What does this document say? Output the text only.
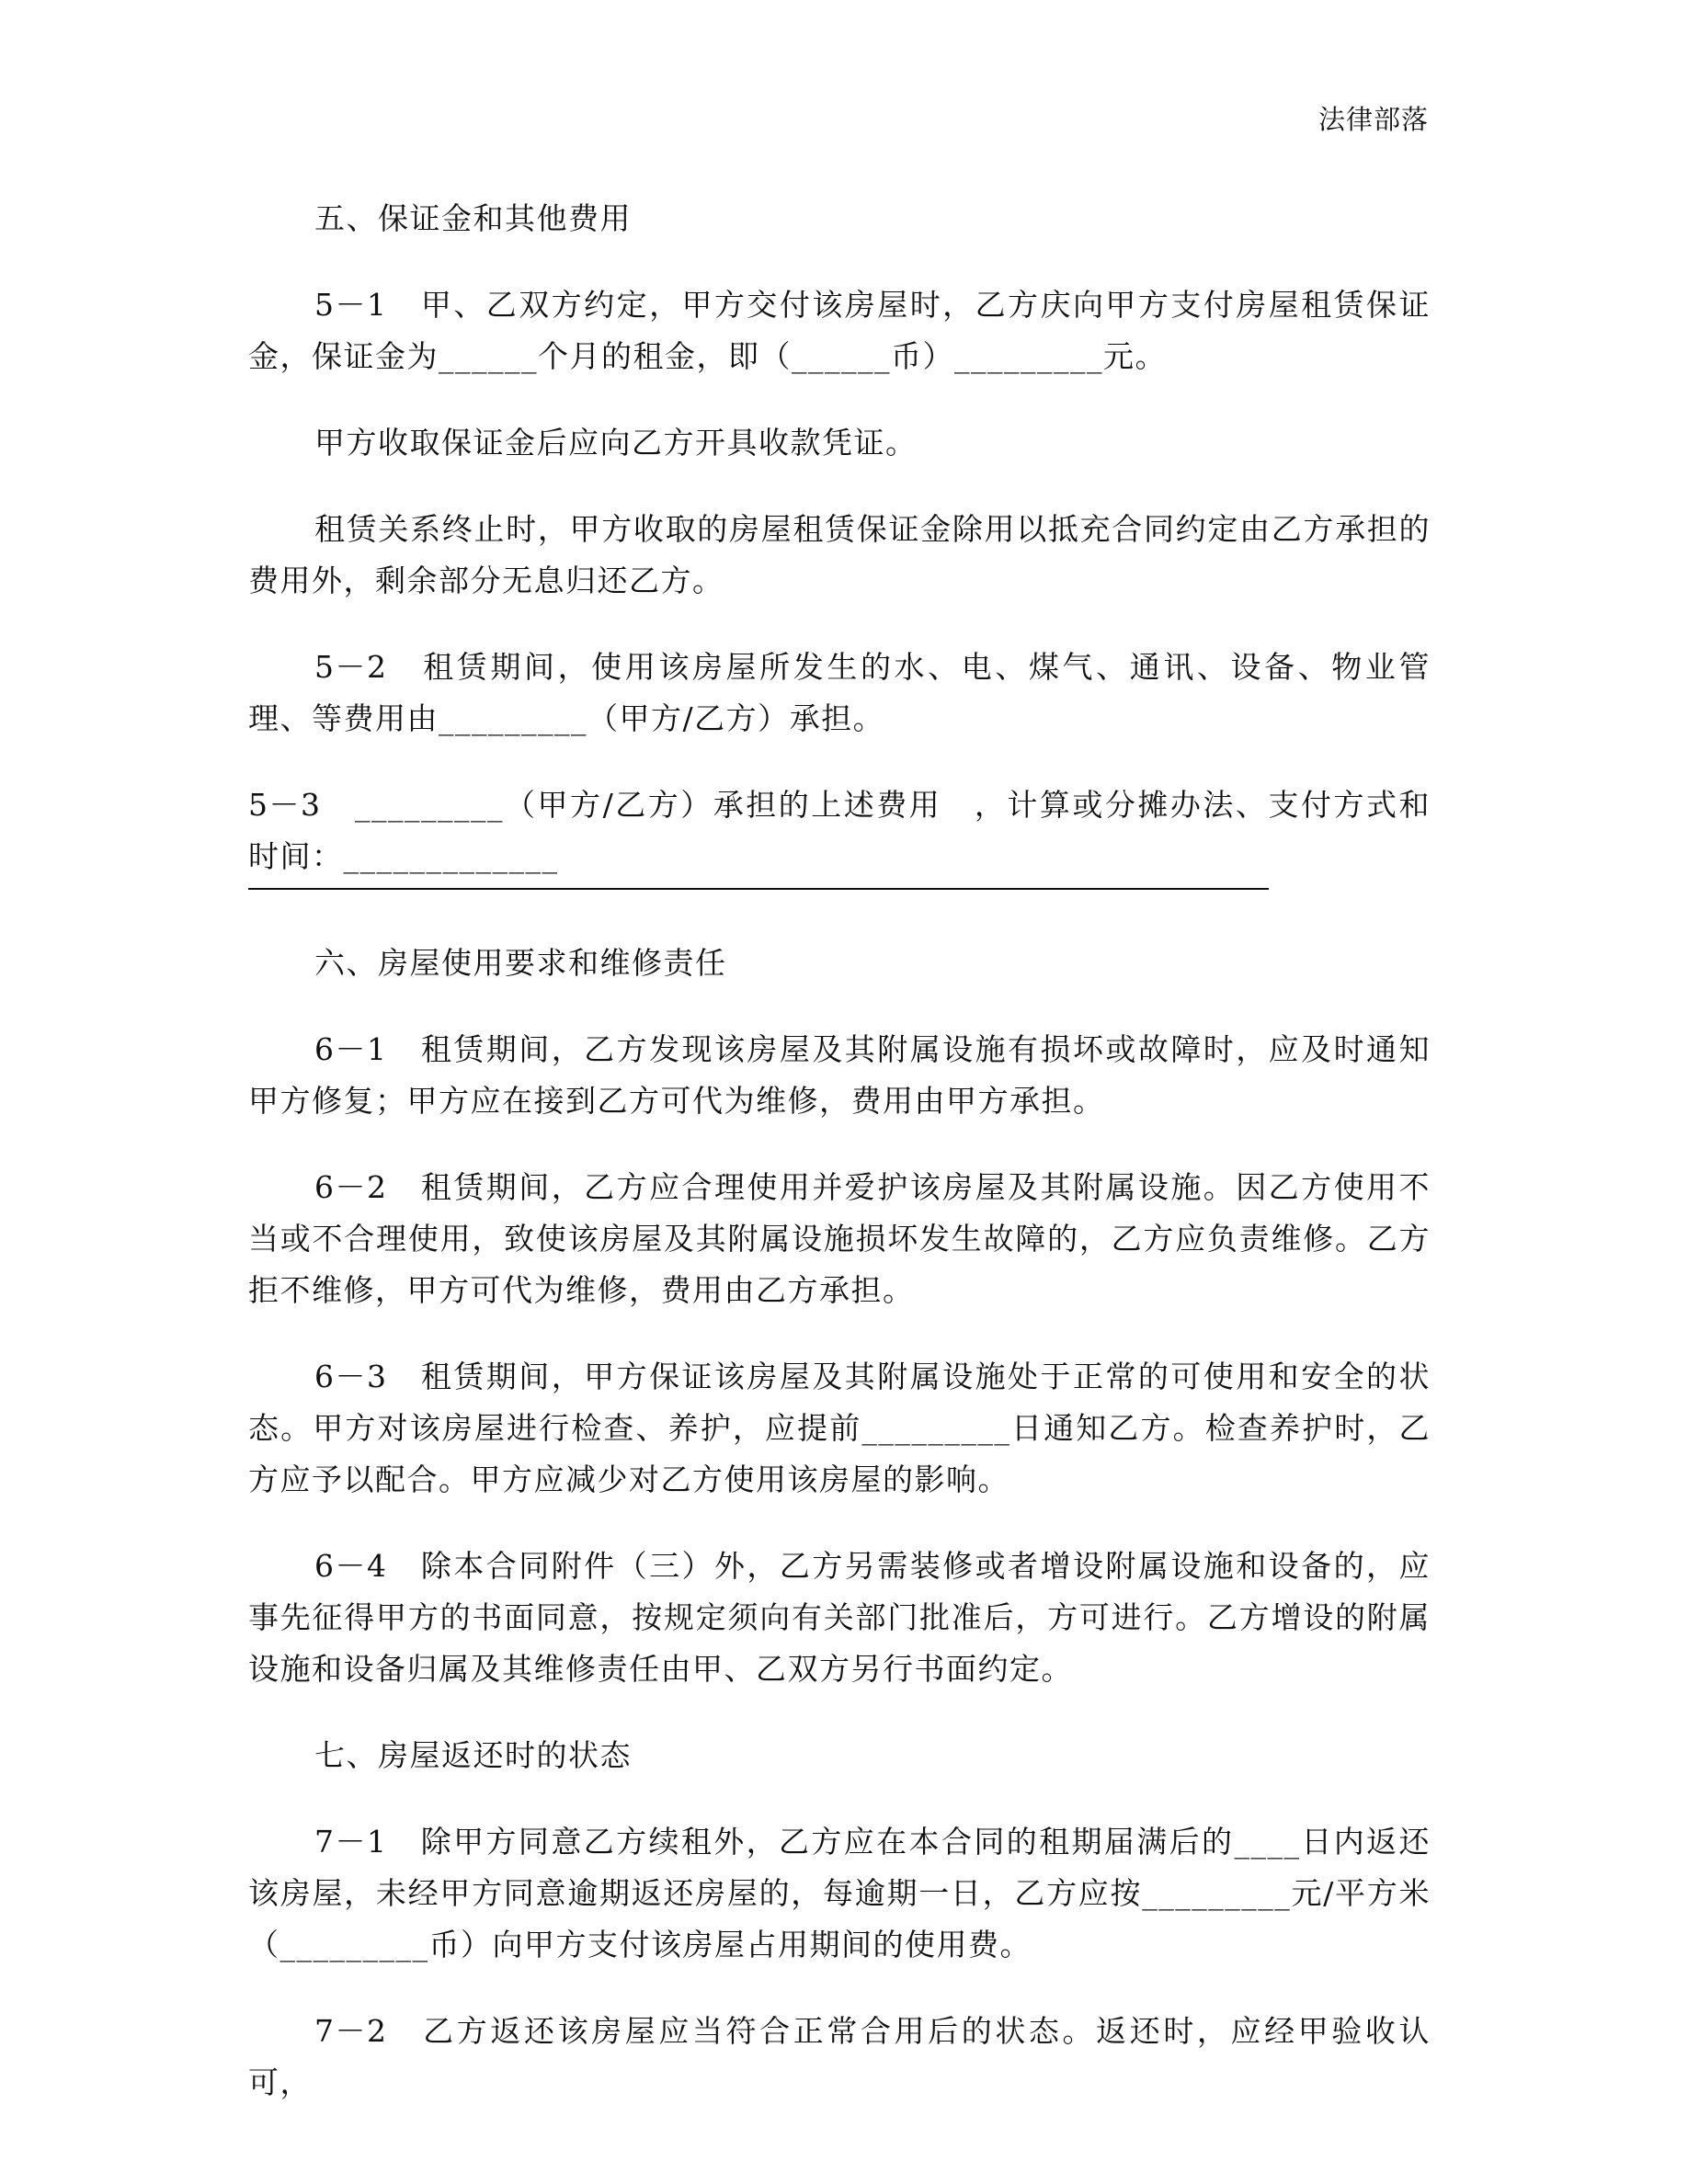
法律部落

五、保证金和其他费用

5－1　甲、乙双方约定，甲方交付该房屋时，乙方庆向甲方支付房屋租赁保证金，保证金为______个月的租金，即（______币）_________元。

甲方收取保证金后应向乙方开具收款凭证。

租赁关系终止时，甲方收取的房屋租赁保证金除用以抵充合同约定由乙方承担的费用外，剩余部分无息归还乙方。

5－2　租赁期间，使用该房屋所发生的水、电、煤气、通讯、设备、物业管理、等费用由_________（甲方/乙方）承担。

5－3　_________（甲方/乙方）承担的上述费用　，计算或分摊办法、支付方式和时间：_____________

六、房屋使用要求和维修责任

6－1　租赁期间，乙方发现该房屋及其附属设施有损坏或故障时，应及时通知甲方修复；甲方应在接到乙方可代为维修，费用由甲方承担。

6－2　租赁期间，乙方应合理使用并爱护该房屋及其附属设施。因乙方使用不当或不合理使用，致使该房屋及其附属设施损坏发生故障的，乙方应负责维修。乙方拒不维修，甲方可代为维修，费用由乙方承担。

6－3　租赁期间，甲方保证该房屋及其附属设施处于正常的可使用和安全的状态。甲方对该房屋进行检查、养护，应提前_________日通知乙方。检查养护时，乙方应予以配合。甲方应减少对乙方使用该房屋的影响。

6－4　除本合同附件（三）外，乙方另需装修或者增设附属设施和设备的，应事先征得甲方的书面同意，按规定须向有关部门批准后，方可进行。乙方增设的附属设施和设备归属及其维修责任由甲、乙双方另行书面约定。

七、房屋返还时的状态

7－1　除甲方同意乙方续租外，乙方应在本合同的租期届满后的____日内返还该房屋，未经甲方同意逾期返还房屋的，每逾期一日，乙方应按_________元/平方米（_________币）向甲方支付该房屋占用期间的使用费。

7－2　乙方返还该房屋应当符合正常合用后的状态。返还时，应经甲验收认可，
